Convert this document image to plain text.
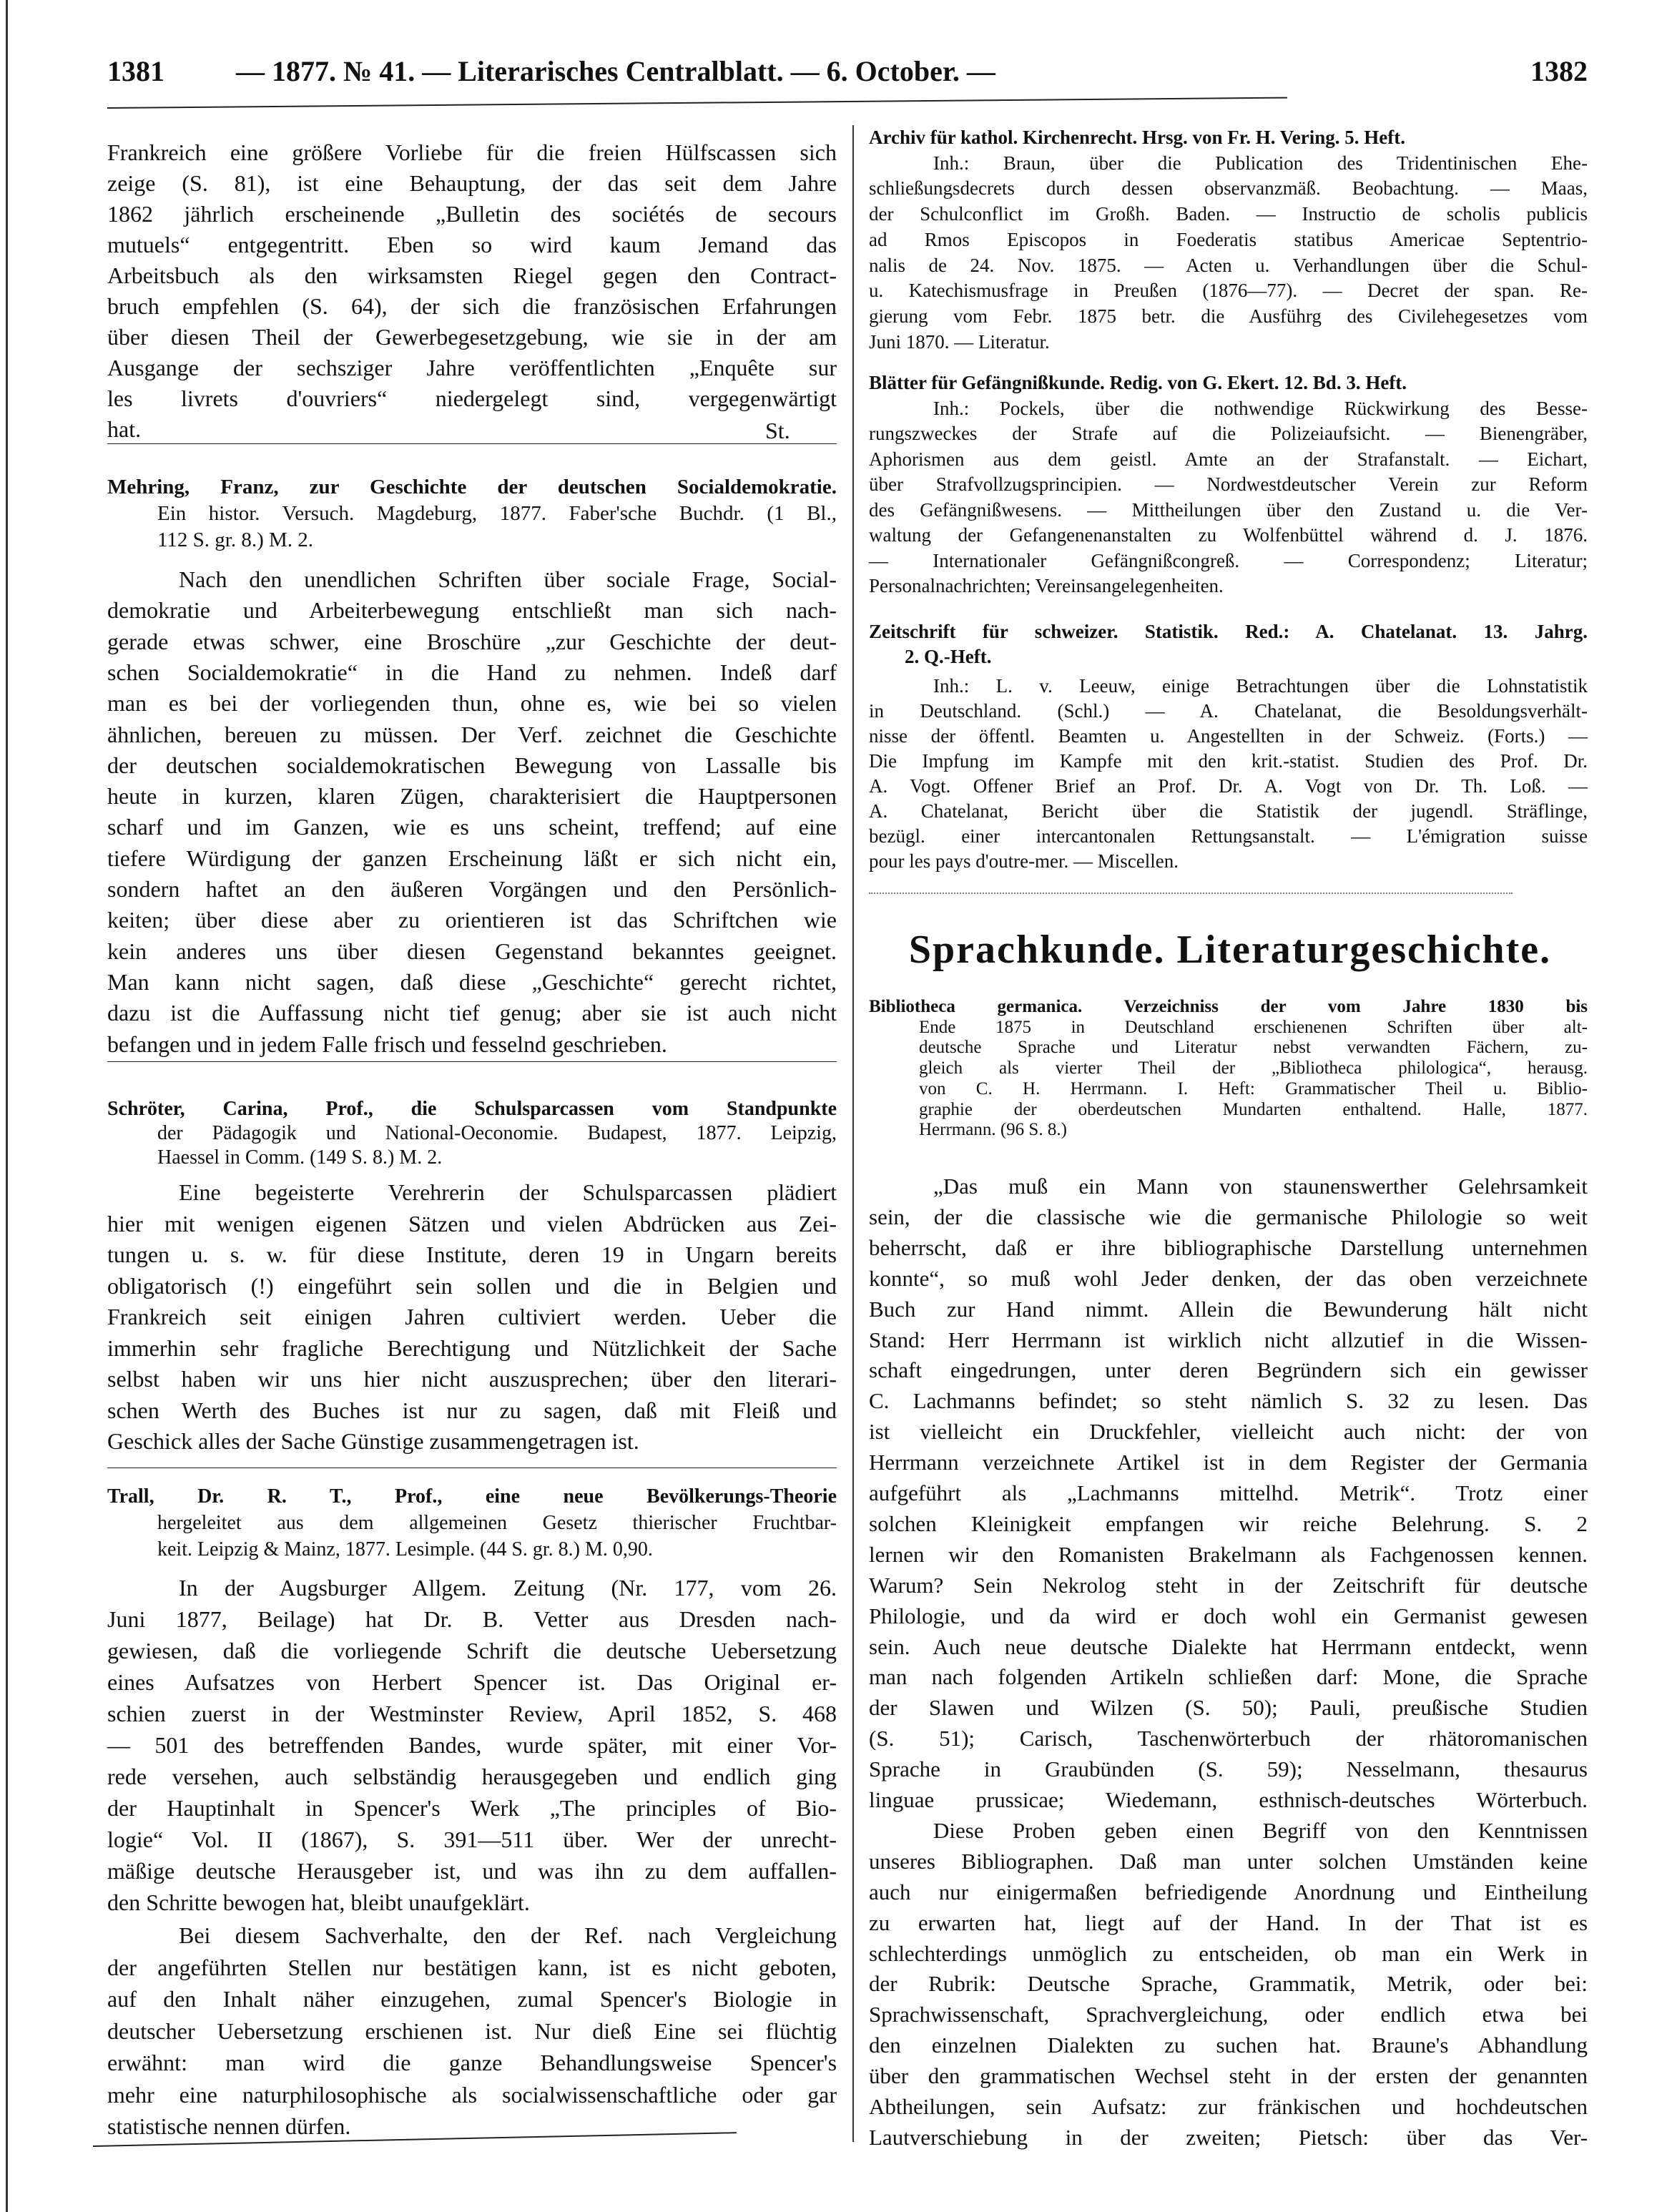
1381	— 1877. № 41. — Literarisches Centralblatt. — 6. October. —	1382
Frankreich eine größere Vorliebe für die freien Hülfscassen sich
zeige (S. 81), ist eine Behauptung, der das seit dem Jahre
1862 jährlich erscheinende „Bulletin des sociétés de secours
mutuels“ entgegentritt. Eben so wird kaum Jemand das
Arbeitsbuch als den wirksamsten Riegel gegen den Contract-
bruch empfehlen (S. 64), der sich die französischen Erfahrungen
über diesen Theil der Gewerbegesetzgebung, wie sie in der am
Ausgange der sechsziger Jahre veröffentlichten „Enquête sur
les livrets d'ouvriers“ niedergelegt sind, vergegenwärtigt
hat.	St.
Mehring, Franz, zur Geschichte der deutschen Socialdemokratie.
Ein histor. Versuch. Magdeburg, 1877. Faber'sche Buchdr. (1 Bl.,
112 S. gr. 8.) M. 2.
Nach den unendlichen Schriften über sociale Frage, Social-
demokratie und Arbeiterbewegung entschließt man sich nach-
gerade etwas schwer, eine Broschüre „zur Geschichte der deut-
schen Socialdemokratie“ in die Hand zu nehmen. Indeß darf
man es bei der vorliegenden thun, ohne es, wie bei so vielen
ähnlichen, bereuen zu müssen. Der Verf. zeichnet die Geschichte
der deutschen socialdemokratischen Bewegung von Lassalle bis
heute in kurzen, klaren Zügen, charakterisiert die Hauptpersonen
scharf und im Ganzen, wie es uns scheint, treffend; auf eine
tiefere Würdigung der ganzen Erscheinung läßt er sich nicht ein,
sondern haftet an den äußeren Vorgängen und den Persönlich-
keiten; über diese aber zu orientieren ist das Schriftchen wie
kein anderes uns über diesen Gegenstand bekanntes geeignet.
Man kann nicht sagen, daß diese „Geschichte“ gerecht richtet,
dazu ist die Auffassung nicht tief genug; aber sie ist auch nicht
befangen und in jedem Falle frisch und fesselnd geschrieben.
Schröter, Carina, Prof., die Schulsparcassen vom Standpunkte
der Pädagogik und National-Oeconomie. Budapest, 1877. Leipzig,
Haessel in Comm. (149 S. 8.) M. 2.
Eine begeisterte Verehrerin der Schulsparcassen plädiert
hier mit wenigen eigenen Sätzen und vielen Abdrücken aus Zei-
tungen u. s. w. für diese Institute, deren 19 in Ungarn bereits
obligatorisch (!) eingeführt sein sollen und die in Belgien und
Frankreich seit einigen Jahren cultiviert werden. Ueber die
immerhin sehr fragliche Berechtigung und Nützlichkeit der Sache
selbst haben wir uns hier nicht auszusprechen; über den literari-
schen Werth des Buches ist nur zu sagen, daß mit Fleiß und
Geschick alles der Sache Günstige zusammengetragen ist.
Trall, Dr. R. T., Prof., eine neue Bevölkerungs-Theorie
hergeleitet aus dem allgemeinen Gesetz thierischer Fruchtbar-
keit. Leipzig & Mainz, 1877. Lesimple. (44 S. gr. 8.) M. 0,90.
In der Augsburger Allgem. Zeitung (Nr. 177, vom 26.
Juni 1877, Beilage) hat Dr. B. Vetter aus Dresden nach-
gewiesen, daß die vorliegende Schrift die deutsche Uebersetzung
eines Aufsatzes von Herbert Spencer ist. Das Original er-
schien zuerst in der Westminster Review, April 1852, S. 468
— 501 des betreffenden Bandes, wurde später, mit einer Vor-
rede versehen, auch selbständig herausgegeben und endlich ging
der Hauptinhalt in Spencer's Werk „The principles of Bio-
logie“ Vol. II (1867), S. 391—511 über. Wer der unrecht-
mäßige deutsche Herausgeber ist, und was ihn zu dem auffallen-
den Schritte bewogen hat, bleibt unaufgeklärt.
Bei diesem Sachverhalte, den der Ref. nach Vergleichung
der angeführten Stellen nur bestätigen kann, ist es nicht geboten,
auf den Inhalt näher einzugehen, zumal Spencer's Biologie in
deutscher Uebersetzung erschienen ist. Nur dieß Eine sei flüchtig
erwähnt: man wird die ganze Behandlungsweise Spencer's
mehr eine naturphilosophische als socialwissenschaftliche oder gar
statistische nennen dürfen.
Archiv für kathol. Kirchenrecht. Hrsg. von Fr. H. Vering. 5. Heft.
Inh.: Braun, über die Publication des Tridentinischen Ehe-
schließungsdecrets durch dessen observanzmäß. Beobachtung. — Maas,
der Schulconflict im Großh. Baden. — Instructio de scholis publicis
ad Rmos Episcopos in Foederatis statibus Americae Septentrio-
nalis de 24. Nov. 1875. — Acten u. Verhandlungen über die Schul-
u. Katechismusfrage in Preußen (1876—77). — Decret der span. Re-
gierung vom Febr. 1875 betr. die Ausführg des Civilehegesetzes vom
Juni 1870. — Literatur.
Blätter für Gefängnißkunde. Redig. von G. Ekert. 12. Bd. 3. Heft.
Inh.: Pockels, über die nothwendige Rückwirkung des Besse-
rungszweckes der Strafe auf die Polizeiaufsicht. — Bienengräber,
Aphorismen aus dem geistl. Amte an der Strafanstalt. — Eichart,
über Strafvollzugsprincipien. — Nordwestdeutscher Verein zur Reform
des Gefängnißwesens. — Mittheilungen über den Zustand u. die Ver-
waltung der Gefangenenanstalten zu Wolfenbüttel während d. J. 1876.
— Internationaler Gefängnißcongreß. — Correspondenz; Literatur;
Personalnachrichten; Vereinsangelegenheiten.
Zeitschrift für schweizer. Statistik. Red.: A. Chatelanat. 13. Jahrg.
2. Q.-Heft.
Inh.: L. v. Leeuw, einige Betrachtungen über die Lohnstatistik
in Deutschland. (Schl.) — A. Chatelanat, die Besoldungsverhält-
nisse der öffentl. Beamten u. Angestellten in der Schweiz. (Forts.) —
Die Impfung im Kampfe mit den krit.-statist. Studien des Prof. Dr.
A. Vogt. Offener Brief an Prof. Dr. A. Vogt von Dr. Th. Loß. —
A. Chatelanat, Bericht über die Statistik der jugendl. Sträflinge,
bezügl. einer intercantonalen Rettungsanstalt. — L'émigration suisse
pour les pays d'outre-mer. — Miscellen.
Bibliotheca germanica. Verzeichniss der vom Jahre 1830 bis
Ende 1875 in Deutschland erschienenen Schriften über alt-
deutsche Sprache und Literatur nebst verwandten Fächern, zu-
gleich als vierter Theil der „Bibliotheca philologica“, herausg.
von C. H. Herrmann. I. Heft: Grammatischer Theil u. Biblio-
graphie der oberdeutschen Mundarten enthaltend. Halle, 1877.
Herrmann. (96 S. 8.)
„Das muß ein Mann von staunenswerther Gelehrsamkeit
sein, der die classische wie die germanische Philologie so weit
beherrscht, daß er ihre bibliographische Darstellung unternehmen
konnte“, so muß wohl Jeder denken, der das oben verzeichnete
Buch zur Hand nimmt. Allein die Bewunderung hält nicht
Stand: Herr Herrmann ist wirklich nicht allzutief in die Wissen-
schaft eingedrungen, unter deren Begründern sich ein gewisser
C. Lachmanns befindet; so steht nämlich S. 32 zu lesen. Das
ist vielleicht ein Druckfehler, vielleicht auch nicht: der von
Herrmann verzeichnete Artikel ist in dem Register der Germania
aufgeführt als „Lachmanns mittelhd. Metrik“. Trotz einer
solchen Kleinigkeit empfangen wir reiche Belehrung. S. 2
lernen wir den Romanisten Brakelmann als Fachgenossen kennen.
Warum? Sein Nekrolog steht in der Zeitschrift für deutsche
Philologie, und da wird er doch wohl ein Germanist gewesen
sein. Auch neue deutsche Dialekte hat Herrmann entdeckt, wenn
man nach folgenden Artikeln schließen darf: Mone, die Sprache
der Slawen und Wilzen (S. 50); Pauli, preußische Studien
(S. 51); Carisch, Taschenwörterbuch der rhätoromanischen
Sprache in Graubünden (S. 59); Nesselmann, thesaurus
linguae prussicae; Wiedemann, esthnisch-deutsches Wörterbuch.
Diese Proben geben einen Begriff von den Kenntnissen
unseres Bibliographen. Daß man unter solchen Umständen keine
auch nur einigermaßen befriedigende Anordnung und Eintheilung
zu erwarten hat, liegt auf der Hand. In der That ist es
schlechterdings unmöglich zu entscheiden, ob man ein Werk in
der Rubrik: Deutsche Sprache, Grammatik, Metrik, oder bei:
Sprachwissenschaft, Sprachvergleichung, oder endlich etwa bei
den einzelnen Dialekten zu suchen hat. Braune's Abhandlung
über den grammatischen Wechsel steht in der ersten der genannten
Abtheilungen, sein Aufsatz: zur fränkischen und hochdeutschen
Lautverschiebung in der zweiten; Pietsch: über das Ver-
Sprachkunde. Literaturgeschichte.
